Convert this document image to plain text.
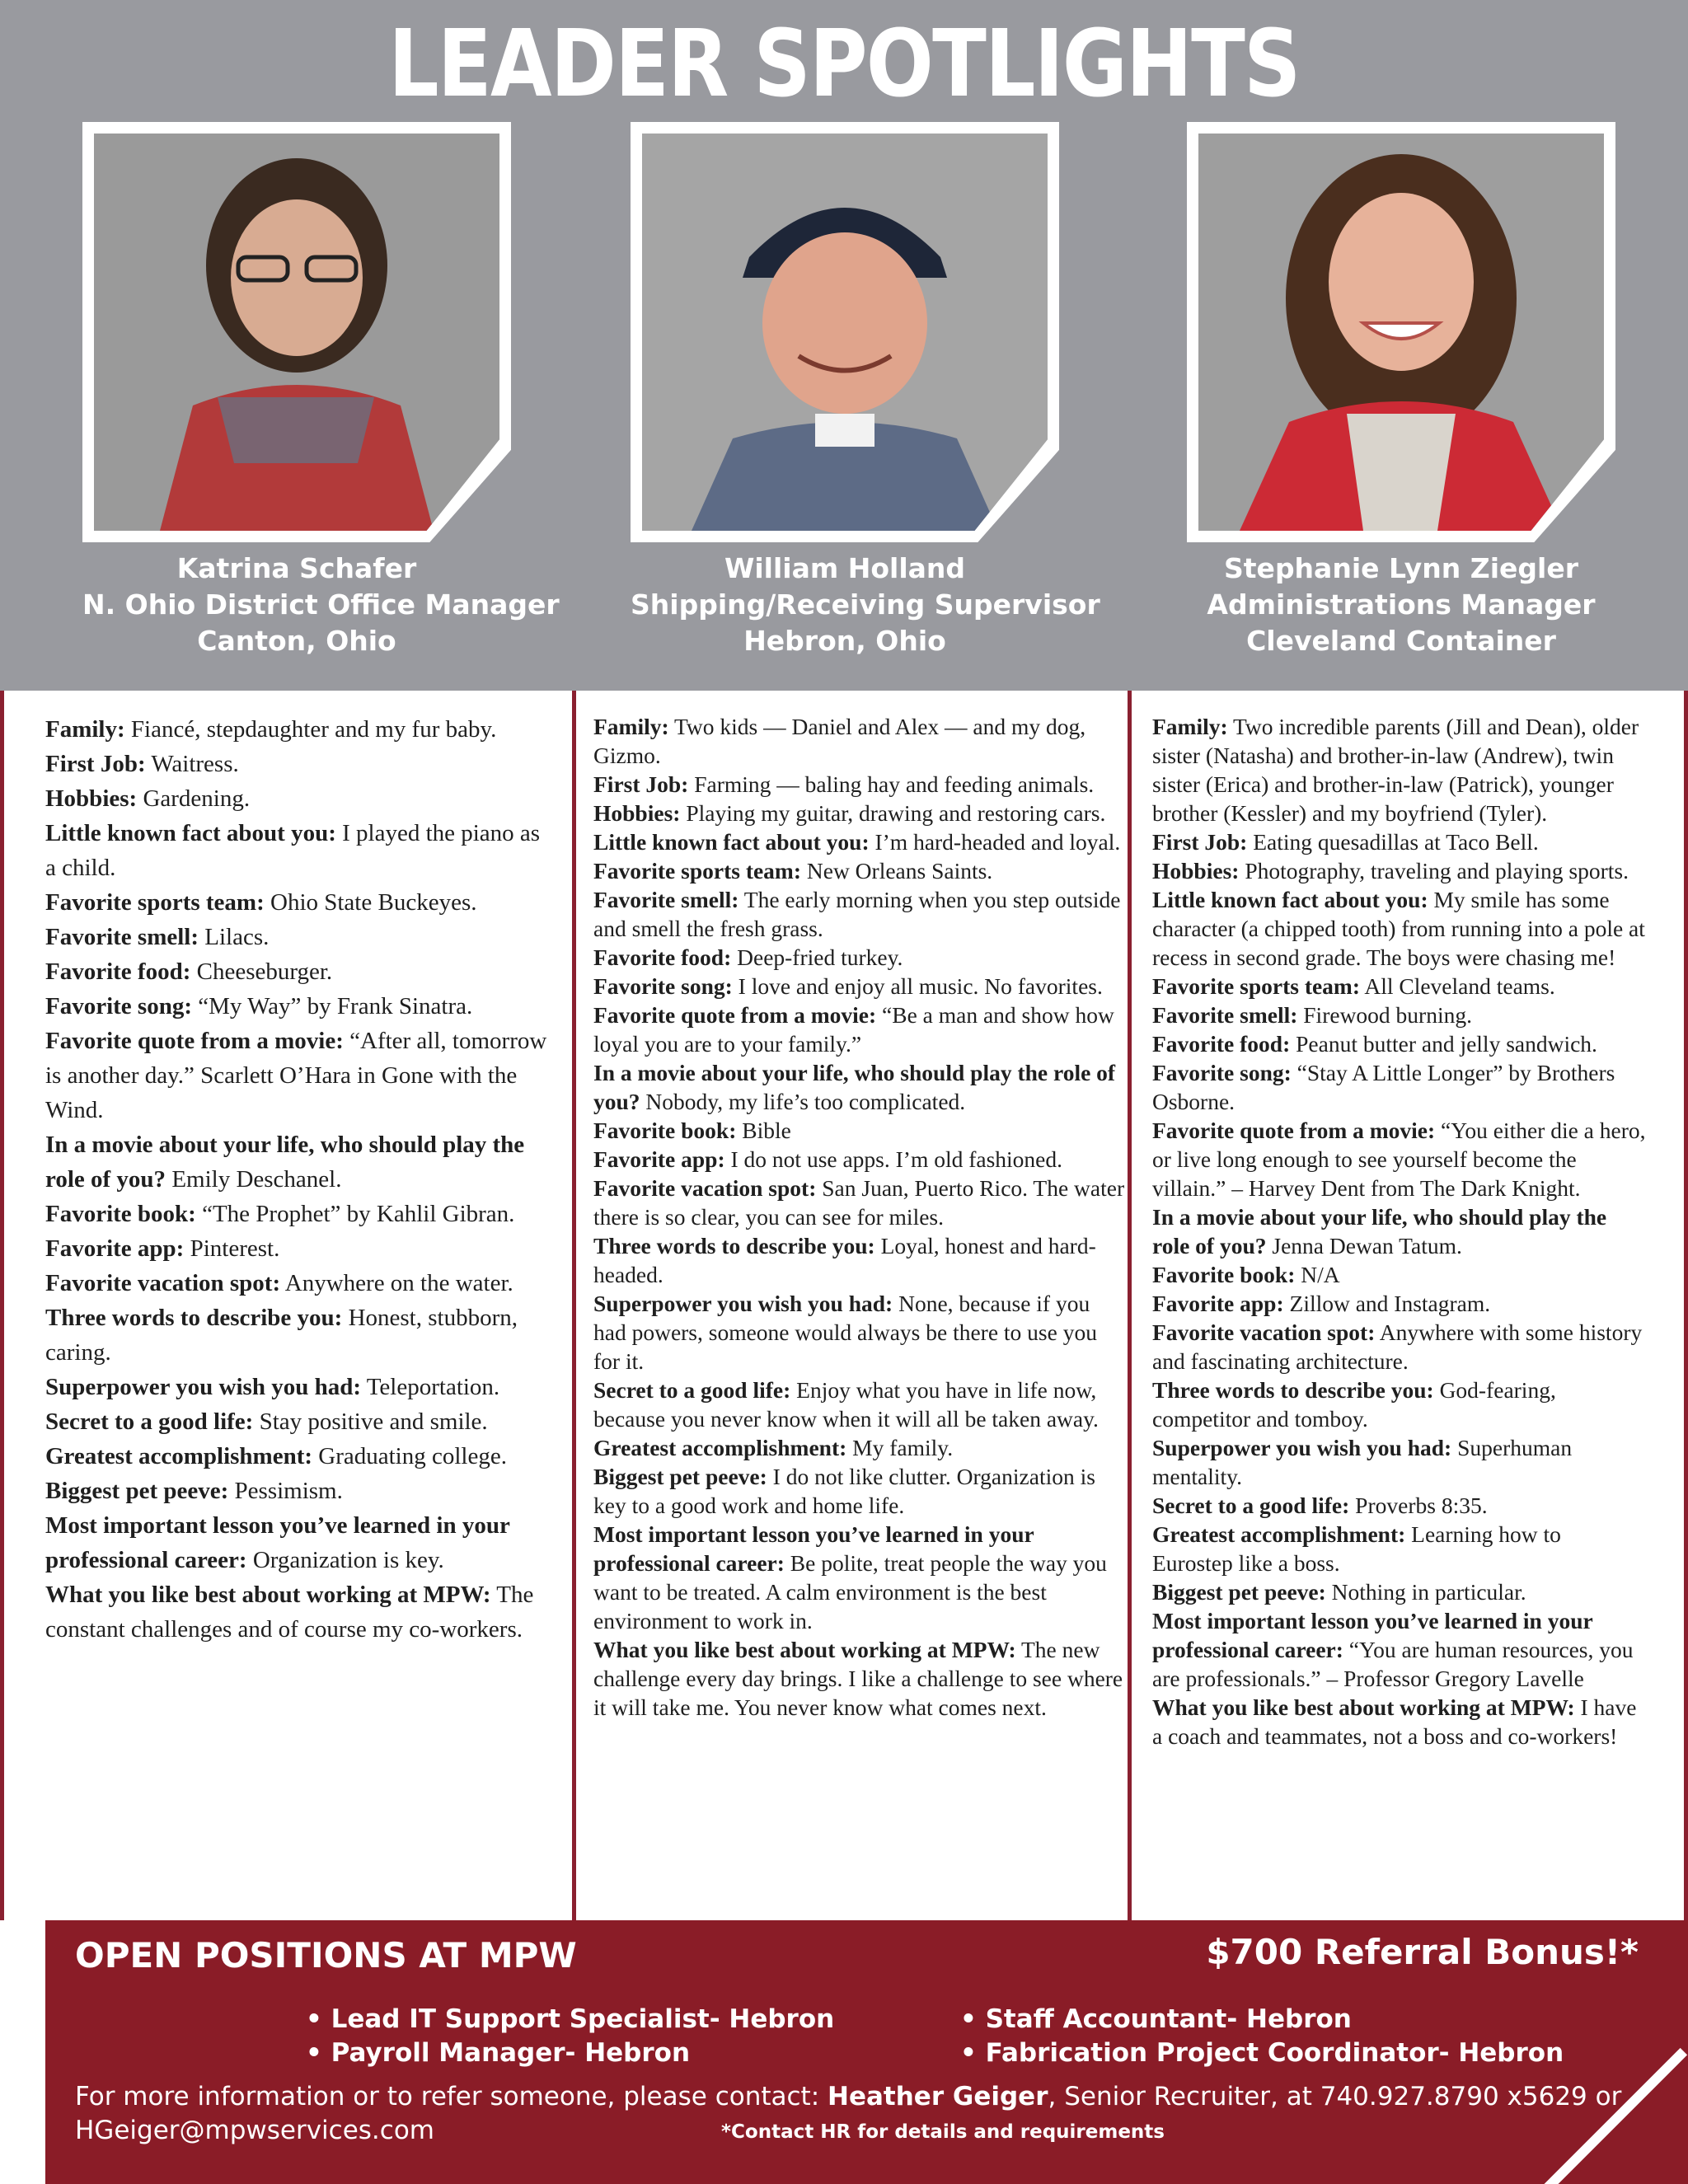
LEADER SPOTLIGHTS
Katrina Schafer
N. Ohio District Office Manager
Canton, Ohio
William Holland
Shipping/Receiving Supervisor
Hebron, Ohio
Stephanie Lynn Ziegler
Administrations Manager
Cleveland Container

Family: Fiancé, stepdaughter and my fur baby.

First Job: Waitress.

Hobbies: Gardening.

Little known fact about you: I played the piano as a child.

Favorite sports team: Ohio State Buckeyes.

Favorite smell: Lilacs.

Favorite food: Cheeseburger.

Favorite song: “My Way” by Frank Sinatra.

Favorite quote from a movie: “After all, tomorrow is another day.” Scarlett O’Hara in Gone with the Wind.

In a movie about your life, who should play the role of you? Emily Deschanel.

Favorite book: “The Prophet” by Kahlil Gibran.

Favorite app: Pinterest.

Favorite vacation spot: Anywhere on the water.

Three words to describe you: Honest, stubborn, caring.

Superpower you wish you had: Teleportation.

Secret to a good life: Stay positive and smile.

Greatest accomplishment: Graduating college.

Biggest pet peeve: Pessimism.

Most important lesson you’ve learned in your professional career: Organization is key.

What you like best about working at MPW: The constant challenges and of course my co-workers.

Family: Two kids — Daniel and Alex — and my dog, Gizmo.

First Job: Farming — baling hay and feeding animals.

Hobbies: Playing my guitar, drawing and restoring cars.

Little known fact about you: I’m hard-headed and loyal.

Favorite sports team: New Orleans Saints.

Favorite smell: The early morning when you step outside and smell the fresh grass.

Favorite food: Deep-fried turkey.

Favorite song: I love and enjoy all music. No favorites.

Favorite quote from a movie: “Be a man and show how loyal you are to your family.”

In a movie about your life, who should play the role of you? Nobody, my life’s too complicated.

Favorite book: Bible

Favorite app: I do not use apps. I’m old fashioned.

Favorite vacation spot: San Juan, Puerto Rico. The water there is so clear, you can see for miles.

Three words to describe you: Loyal, honest and hard-headed.

Superpower you wish you had: None, because if you had powers, someone would always be there to use you for it.

Secret to a good life: Enjoy what you have in life now, because you never know when it will all be taken away.

Greatest accomplishment: My family.

Biggest pet peeve: I do not like clutter. Organization is key to a good work and home life.

Most important lesson you’ve learned in your professional career: Be polite, treat people the way you want to be treated. A calm environment is the best environment to work in.

What you like best about working at MPW: The new challenge every day brings. I like a challenge to see where it will take me. You never know what comes next.

Family: Two incredible parents (Jill and Dean), older sister (Natasha) and brother-in-law (Andrew), twin sister (Erica) and brother-in-law (Patrick), younger brother (Kessler) and my boyfriend (Tyler).

First Job: Eating quesadillas at Taco Bell.

Hobbies: Photography, traveling and playing sports.

Little known fact about you: My smile has some character (a chipped tooth) from running into a pole at recess in second grade. The boys were chasing me!

Favorite sports team: All Cleveland teams.

Favorite smell: Firewood burning.

Favorite food: Peanut butter and jelly sandwich.

Favorite song: “Stay A Little Longer” by Brothers Osborne.

Favorite quote from a movie: “You either die a hero, or live long enough to see yourself become the villain.” – Harvey Dent from The Dark Knight.

In a movie about your life, who should play the role of you? Jenna Dewan Tatum.

Favorite book: N/A

Favorite app: Zillow and Instagram.

Favorite vacation spot: Anywhere with some history and fascinating architecture.

Three words to describe you: God-fearing, competitor and tomboy.

Superpower you wish you had: Superhuman mentality.

Secret to a good life: Proverbs 8:35.

Greatest accomplishment: Learning how to Eurostep like a boss.

Biggest pet peeve: Nothing in particular.

Most important lesson you’ve learned in your professional career: “You are human resources, you are professionals.” – Professor Gregory Lavelle

What you like best about working at MPW: I have a coach and teammates, not a boss and co-workers!

OPEN POSITIONS AT MPW	$700 Referral Bonus!*
• Lead IT Support Specialist- Hebron
• Payroll Manager- Hebron
• Staff Accountant- Hebron
• Fabrication Project Coordinator- Hebron
For more information or to refer someone, please contact: Heather Geiger, Senior Recruiter, at 740.927.8790 x5629 or
HGeiger@mpwservices.com	*Contact HR for details and requirements
